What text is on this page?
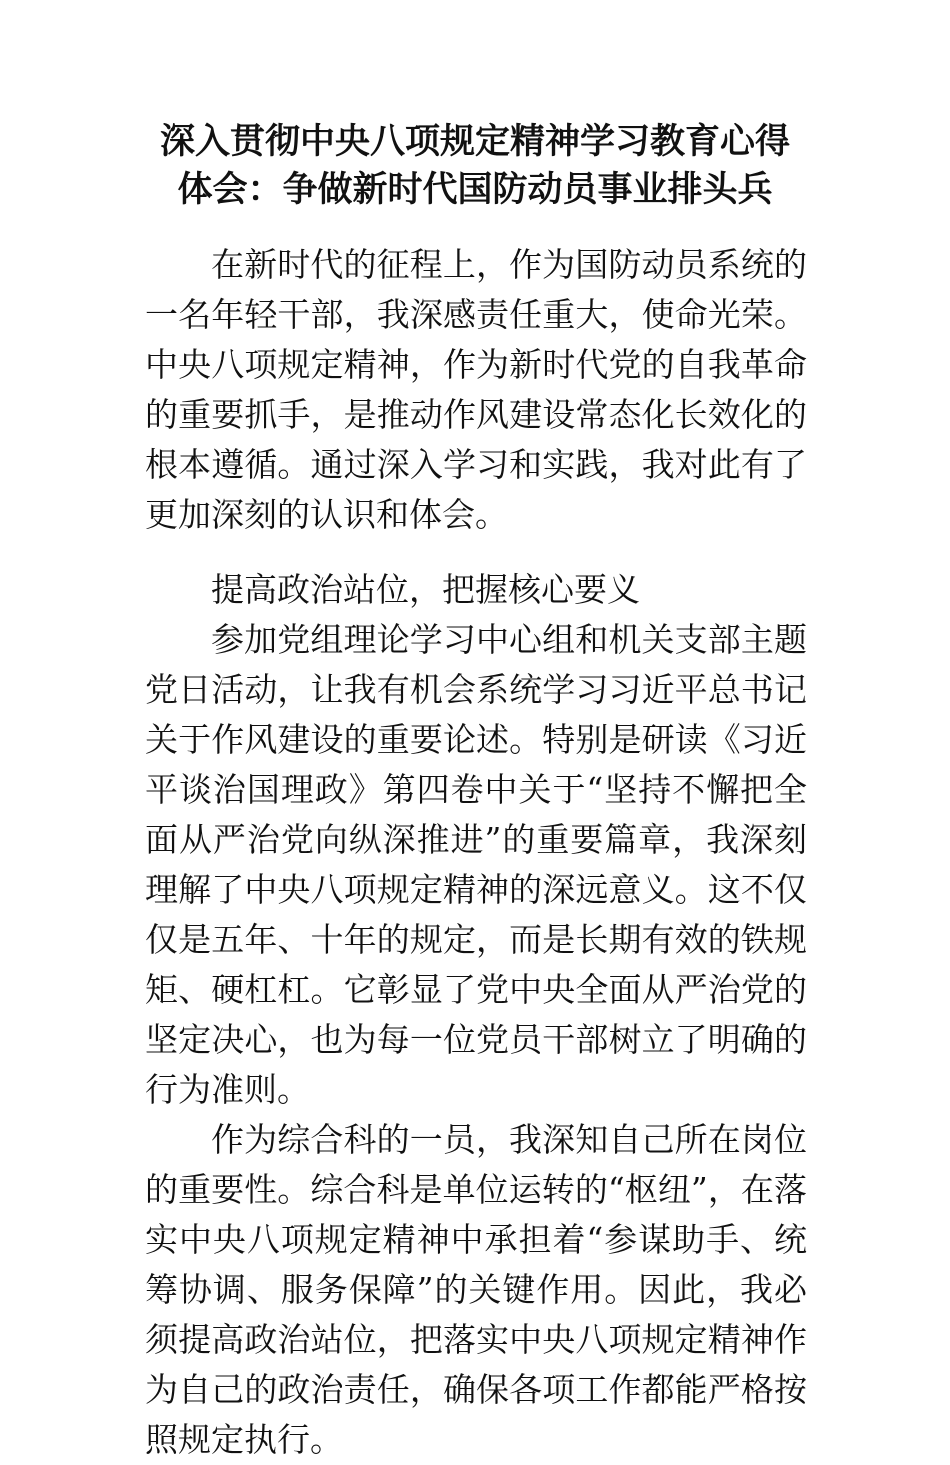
深入贯彻中央八项规定精神学习教育心得
体会：争做新时代国防动员事业排头兵

在新时代的征程上，作为国防动员系统的一名年轻干部，我深感责任重大，使命光荣。中央八项规定精神，作为新时代党的自我革命的重要抓手，是推动作风建设常态化长效化的根本遵循。通过深入学习和实践，我对此有了更加深刻的认识和体会。

提高政治站位，把握核心要义

参加党组理论学习中心组和机关支部主题党日活动，让我有机会系统学习习近平总书记关于作风建设的重要论述。特别是研读《习近平谈治国理政》第四卷中关于“坚持不懈把全面从严治党向纵深推进”的重要篇章，我深刻理解了中央八项规定精神的深远意义。这不仅仅是五年、十年的规定，而是长期有效的铁规矩、硬杠杠。它彰显了党中央全面从严治党的坚定决心，也为每一位党员干部树立了明确的行为准则。

作为综合科的一员，我深知自己所在岗位的重要性。综合科是单位运转的“枢纽”，在落实中央八项规定精神中承担着“参谋助手、统筹协调、服务保障”的关键作用。因此，我必须提高政治站位，把落实中央八项规定精神作为自己的政治责任，确保各项工作都能严格按照规定执行。
